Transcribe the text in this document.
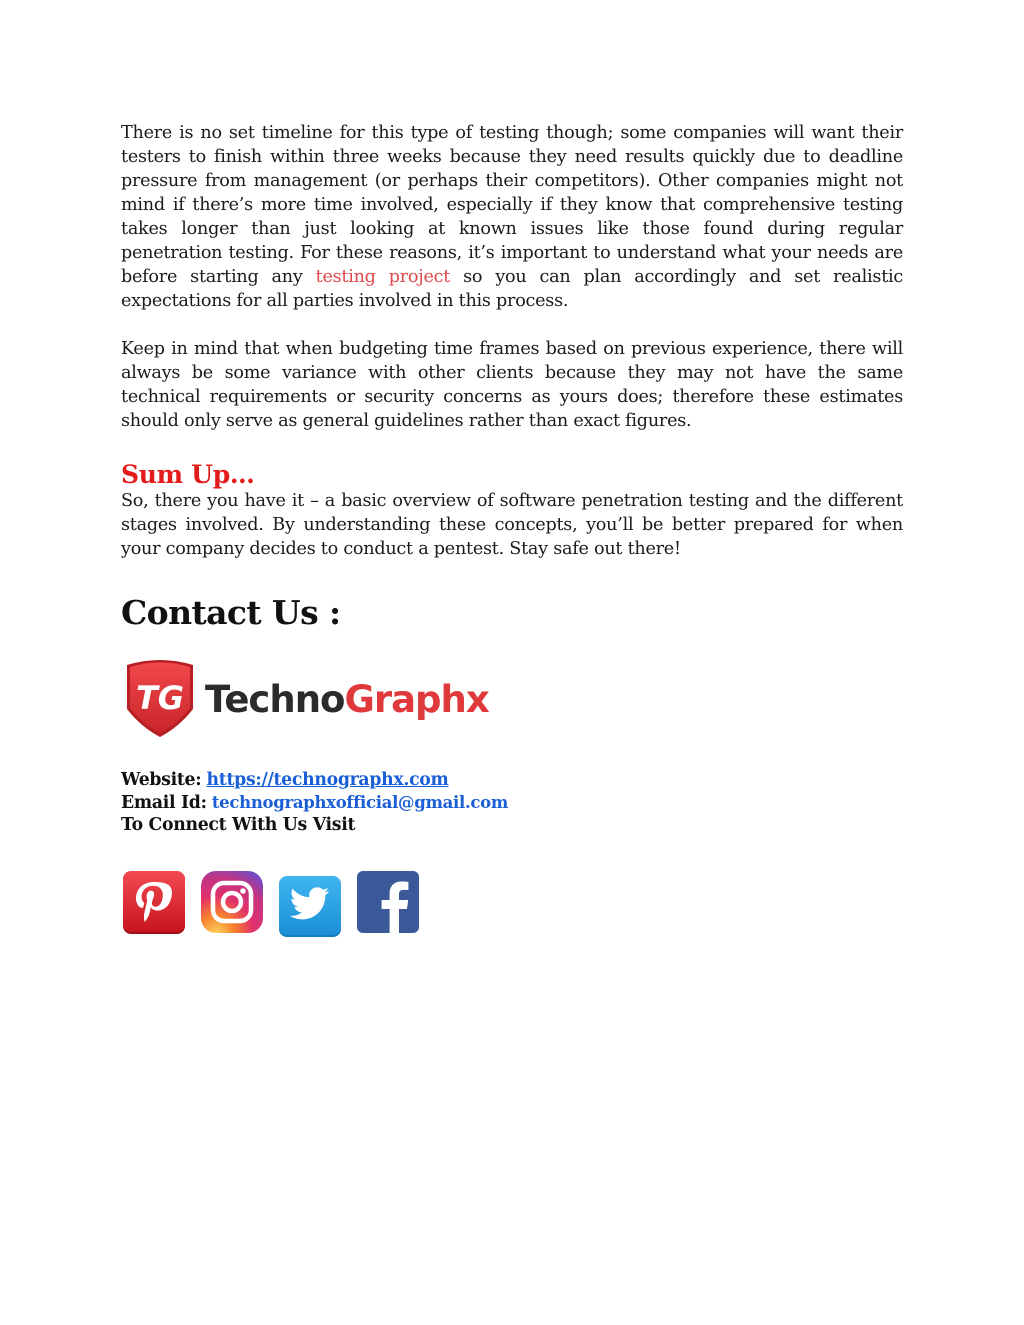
There is no set timeline for this type of testing though; some companies will want their testers to finish within three weeks because they need results quickly due to deadline pressure from management (or perhaps their competitors). Other companies might not mind if there’s more time involved, especially if they know that comprehensive testing takes longer than just looking at known issues like those found during regular penetration testing. For these reasons, it’s important to understand what your needs are before starting any testing project so you can plan accordingly and set realistic expectations for all parties involved in this process.

Keep in mind that when budgeting time frames based on previous experience, there will always be some variance with other clients because they may not have the same technical requirements or security concerns as yours does; therefore these estimates should only serve as general guidelines rather than exact figures.

Sum Up…

So, there you have it – a basic overview of software penetration testing and the different stages involved. By understanding these concepts, you’ll be better prepared for when your company decides to conduct a pentest. Stay safe out there!

Contact Us :
TG TechnoGraphx
Website: https://technographx.com
Email Id: technographxofficial@gmail.com
To Connect With Us Visit
